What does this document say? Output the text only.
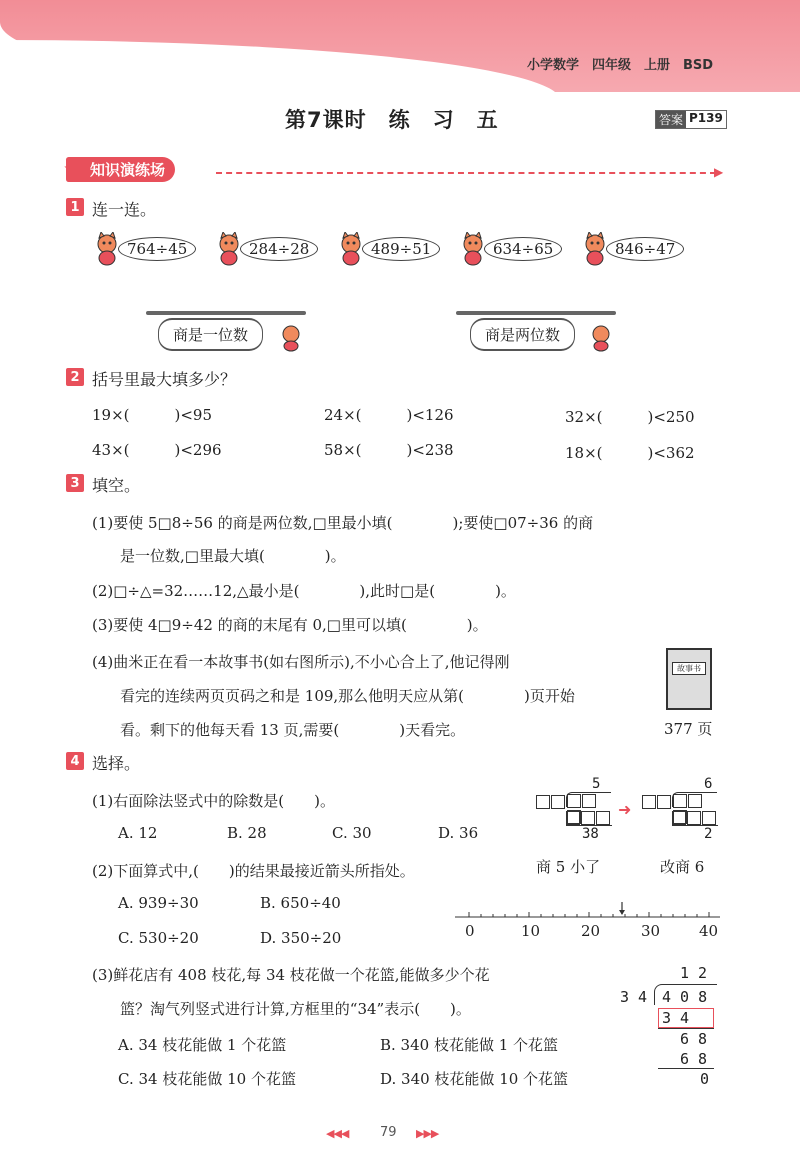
小学数学　四年级　上册　BSD
第7课时　练　习　五	答案 P139
知识演练场	▶
1 连一连。
764÷45	284÷28	489÷51	634÷65	846÷47
商是一位数	商是两位数
2 括号里最大填多少？
19×(　　　)<95	24×(　　　)<126	32×(　　　)<250
43×(　　　)<296	58×(　　　)<238	18×(　　　)<362
3 填空。
(1)要使 5□8÷56 的商是两位数,□里最小填(　　　　);要使□07÷36 的商
是一位数,□里最大填(　　　　)。
(2)□÷△=32……12,△最小是(　　　　),此时□是(　　　　)。
(3)要使 4□9÷42 的商的末尾有 0,□里可以填(　　　　)。
(4)曲米正在看一本故事书(如右图所示),不小心合上了,他记得刚
看完的连续两页页码之和是 109,那么他明天应从第(　　　　)页开始
看。剩下的他每天看 13 页,需要(　　　　)天看完。
故事书
377 页
4 选择。
(1)右面除法竖式中的除数是(　　)。
A. 12	B. 28	C. 30	D. 36
5
38
➜
6
2
商 5 小了	改商 6
(2)下面算式中,(　　)的结果最接近箭头所指处。
A. 939÷30	B. 650÷40
C. 530÷20	D. 350÷20	0	10	20	30	40
(3)鲜花店有 408 枝花,每 34 枝花做一个花篮,能做多少个花
篮？淘气列竖式进行计算,方框里的“34”表示(　　)。
A. 34 枝花能做 1 个花篮	B. 340 枝花能做 1 个花篮
C. 34 枝花能做 10 个花篮	D. 340 枝花能做 10 个花篮
1 2
3 4 4 0 8
3 4
6 8
6 8
0
◀◀◀ 79 ▶▶▶
